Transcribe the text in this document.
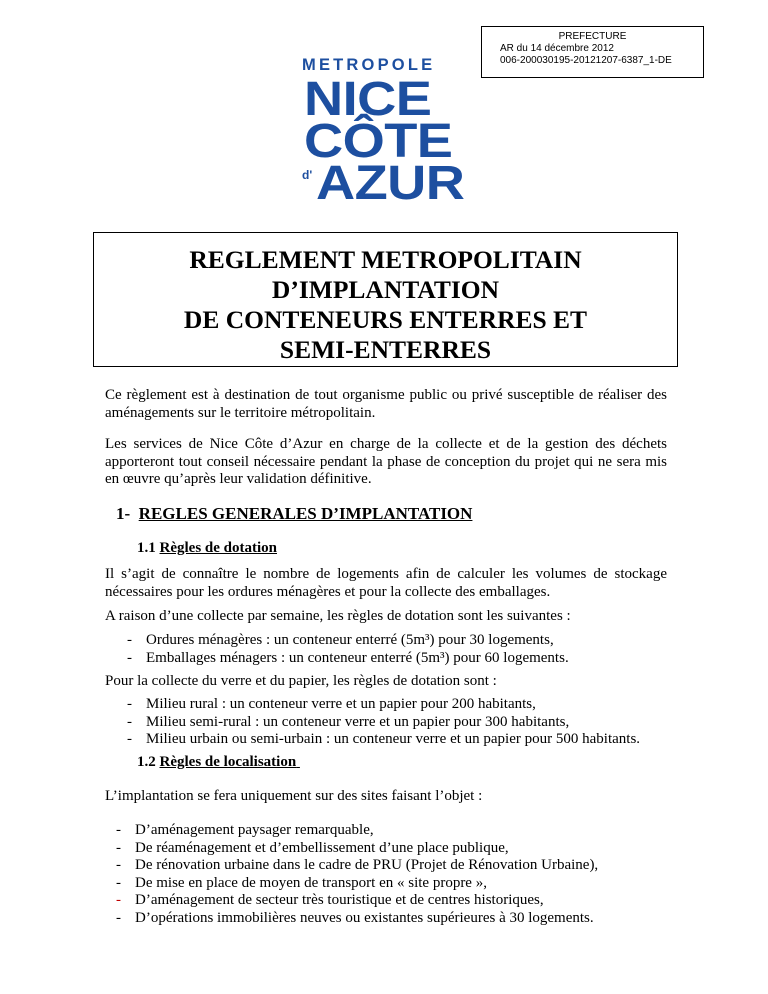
PREFECTURE
AR du 14 décembre 2012
006-200030195-20121207-6387_1-DE
METROPOLE
NICE
CÔTE
d' AZUR
REGLEMENT METROPOLITAIN
D’IMPLANTATION
DE CONTENEURS ENTERRES ET
SEMI-ENTERRES
Ce règlement est à destination de tout organisme public ou privé susceptible de réaliser des aménagements sur le territoire métropolitain.
Les services de Nice Côte d’Azur en charge de la collecte et de la gestion des déchets apporteront tout conseil nécessaire pendant la phase de conception du projet qui ne sera mis en œuvre qu’après leur validation définitive.
1- REGLES GENERALES D’IMPLANTATION
1.1 Règles de dotation
Il s’agit de connaître le nombre de logements afin de calculer les volumes de stockage nécessaires pour les ordures ménagères et pour la collecte des emballages.
A raison d’une collecte par semaine, les règles de dotation sont les suivantes :
- Ordures ménagères : un conteneur enterré (5m³) pour 30 logements,
- Emballages ménagers : un conteneur enterré (5m³) pour 60 logements.
Pour la collecte du verre et du papier, les règles de dotation sont :
- Milieu rural : un conteneur verre et un papier pour 200 habitants,
- Milieu semi-rural : un conteneur verre et un papier pour 300 habitants,
- Milieu urbain ou semi-urbain : un conteneur verre et un papier pour 500 habitants.
1.2 Règles de localisation
L’implantation se fera uniquement sur des sites faisant l’objet :
- D’aménagement paysager remarquable,
- De réaménagement et d’embellissement d’une place publique,
- De rénovation urbaine dans le cadre de PRU (Projet de Rénovation Urbaine),
- De mise en place de moyen de transport en « site propre »,
- D’aménagement de secteur très touristique et de centres historiques,
- D’opérations immobilières neuves ou existantes supérieures à 30 logements.
